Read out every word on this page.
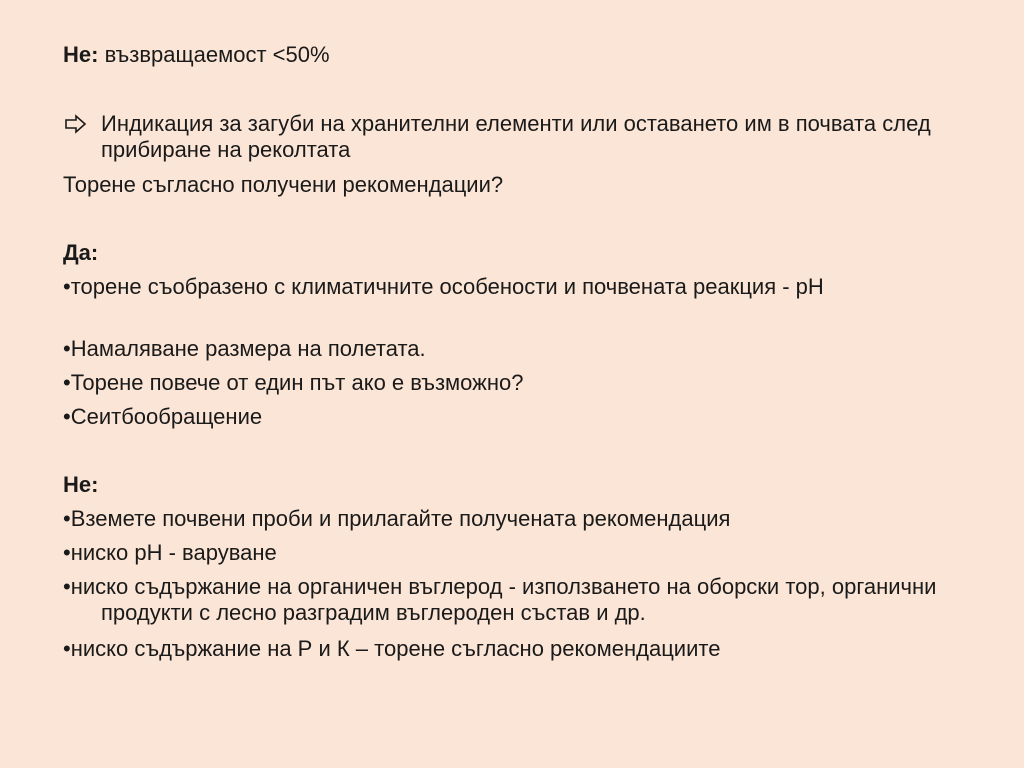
Не: възвращаемост <50%
Индикация за загуби на хранителни елементи или оставането им в почвата след прибиране на реколтата
Торене съгласно получени рекомендации?
Да:
•торене съобразено с климатичните особености и почвената реакция - pH
•Намаляване размера на полетата.
•Торене повече от един път ако е възможно?
•Сеитбообращение
Не:
•Вземете почвени проби и прилагайте получената рекомендация
•ниско pH - варуване
•ниско съдържание на органичен въглерод - използването на оборски тор, органични продукти с лесно разградим въглероден състав и др.
•ниско съдържание на Р и К – торене съгласно рекомендациите
